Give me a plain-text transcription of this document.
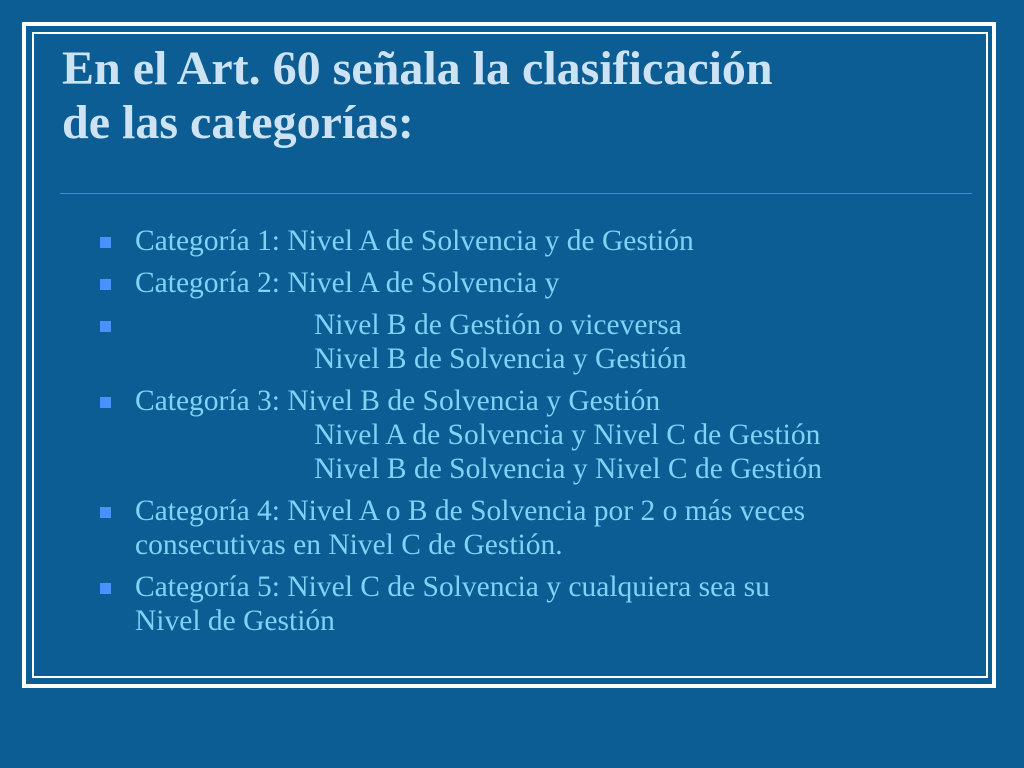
En el Art. 60 señala la clasificación
de las categorías:
Categoría 1: Nivel A de Solvencia y de Gestión
Categoría 2: Nivel A de Solvencia y
Nivel B de Gestión o viceversa
Nivel B de Solvencia y Gestión
Categoría 3: Nivel B de Solvencia y Gestión
Nivel A de Solvencia y Nivel C de Gestión
Nivel B de Solvencia y Nivel C de Gestión
Categoría 4: Nivel A o B de Solvencia por 2 o más veces
consecutivas en Nivel C de Gestión.
Categoría 5: Nivel C de Solvencia y cualquiera sea su
Nivel de Gestión
